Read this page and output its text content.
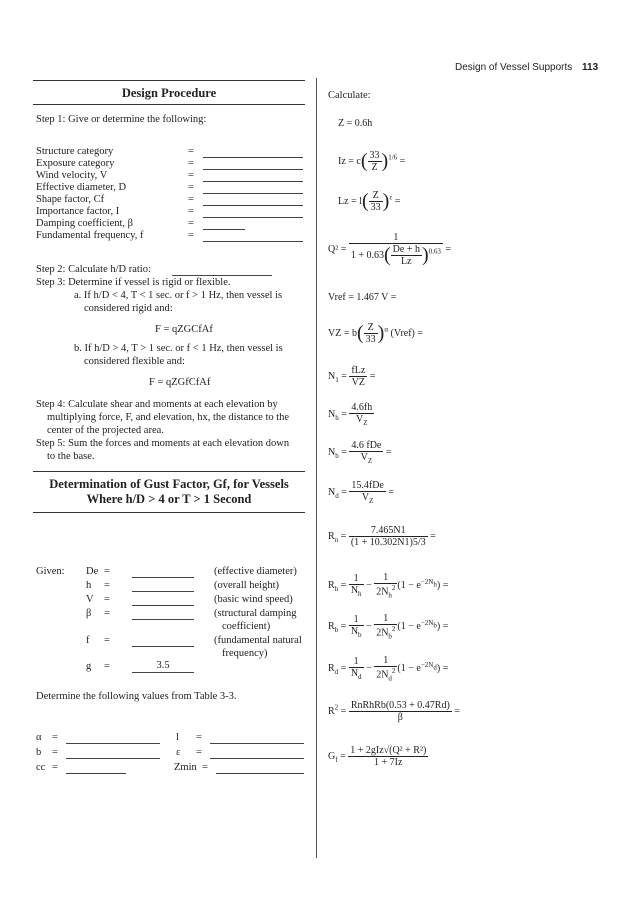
Design of Vessel Supports 113
Design Procedure
Step 1: Give or determine the following:
Structure category	=
Exposure category	=
Wind velocity, V	=
Effective diameter, D	=
Shape factor, Cf	=
Importance factor, I	=
Damping coefficient, β	=
Fundamental frequency, f	=
Step 2: Calculate h/D ratio:
Step 3: Determine if vessel is rigid or flexible.
a. If h/D < 4, T < 1 sec. or f > 1 Hz, then vessel is
considered rigid and:
F = qZGCfAf
b. If h/D > 4, T > 1 sec. or f < 1 Hz, then vessel is
considered flexible and:
F = qZGfCfAf
Step 4: Calculate shear and moments at each elevation by
multiplying force, F, and elevation, hx, the distance to the
center of the projected area.
Step 5: Sum the forces and moments at each elevation down
to the base.
Determination of Gust Factor, Gf, for Vessels
Where h/D > 4 or T > 1 Second
Given: De =	(effective diameter)
h =	(overall height)
V =	(basic wind speed)
β =	(structural damping
coefficient)
f =	(fundamental natural
frequency)
g =	3.5
Determine the following values from Table 3-3.
α =	l =
b =	ε =
cc =	Zmin =
Calculate:
Z = 0.6h
$Iz = c( \frac{33}{Z} )^{1/6}$ =
$Lz = l( \frac{Z}{33} )^\varepsilon$ =
$Q^2 = \frac{1}{1 + 0.63( \frac{De + h}{Lz} )^{0.63}}$ =
Vref = 1.467 V =
VZ = $b( \frac{Z}{33} )^\alpha$ (Vref) =
$N_1 = \frac{\text{fLz}}{VZ}$ =
$N_h = \frac{4.6fh}{V_Z}$
$N_b = \frac{\text{4.6 fDe}}{V_Z}$ =
$N_d = \frac{\text{15.4fDe}}{V_Z}$ =
$R_n = \frac{7.465N1}{(1 + 10.302N1)5/3}$ =
$R_h = \frac{1}{N_h} - \frac{1}{2N_h^2} (1 - e^{-2N_h})$ =
$R_b = \frac{1}{N_b} - \frac{1}{2N_b^2} (1 - e^{-2N_b})$ =
$R_d = \frac{1}{N_d} - \frac{1}{2N_d^2} (1 - e^{-2N_d})$ =
$R^2 = \frac{\text{RnRhRb(0.53 + 0.47Rd)}}{\beta}$ =
$G_f = \frac{\text{1 + 2gIz√(Q² + R²)}}{1 + 7Iz}$
